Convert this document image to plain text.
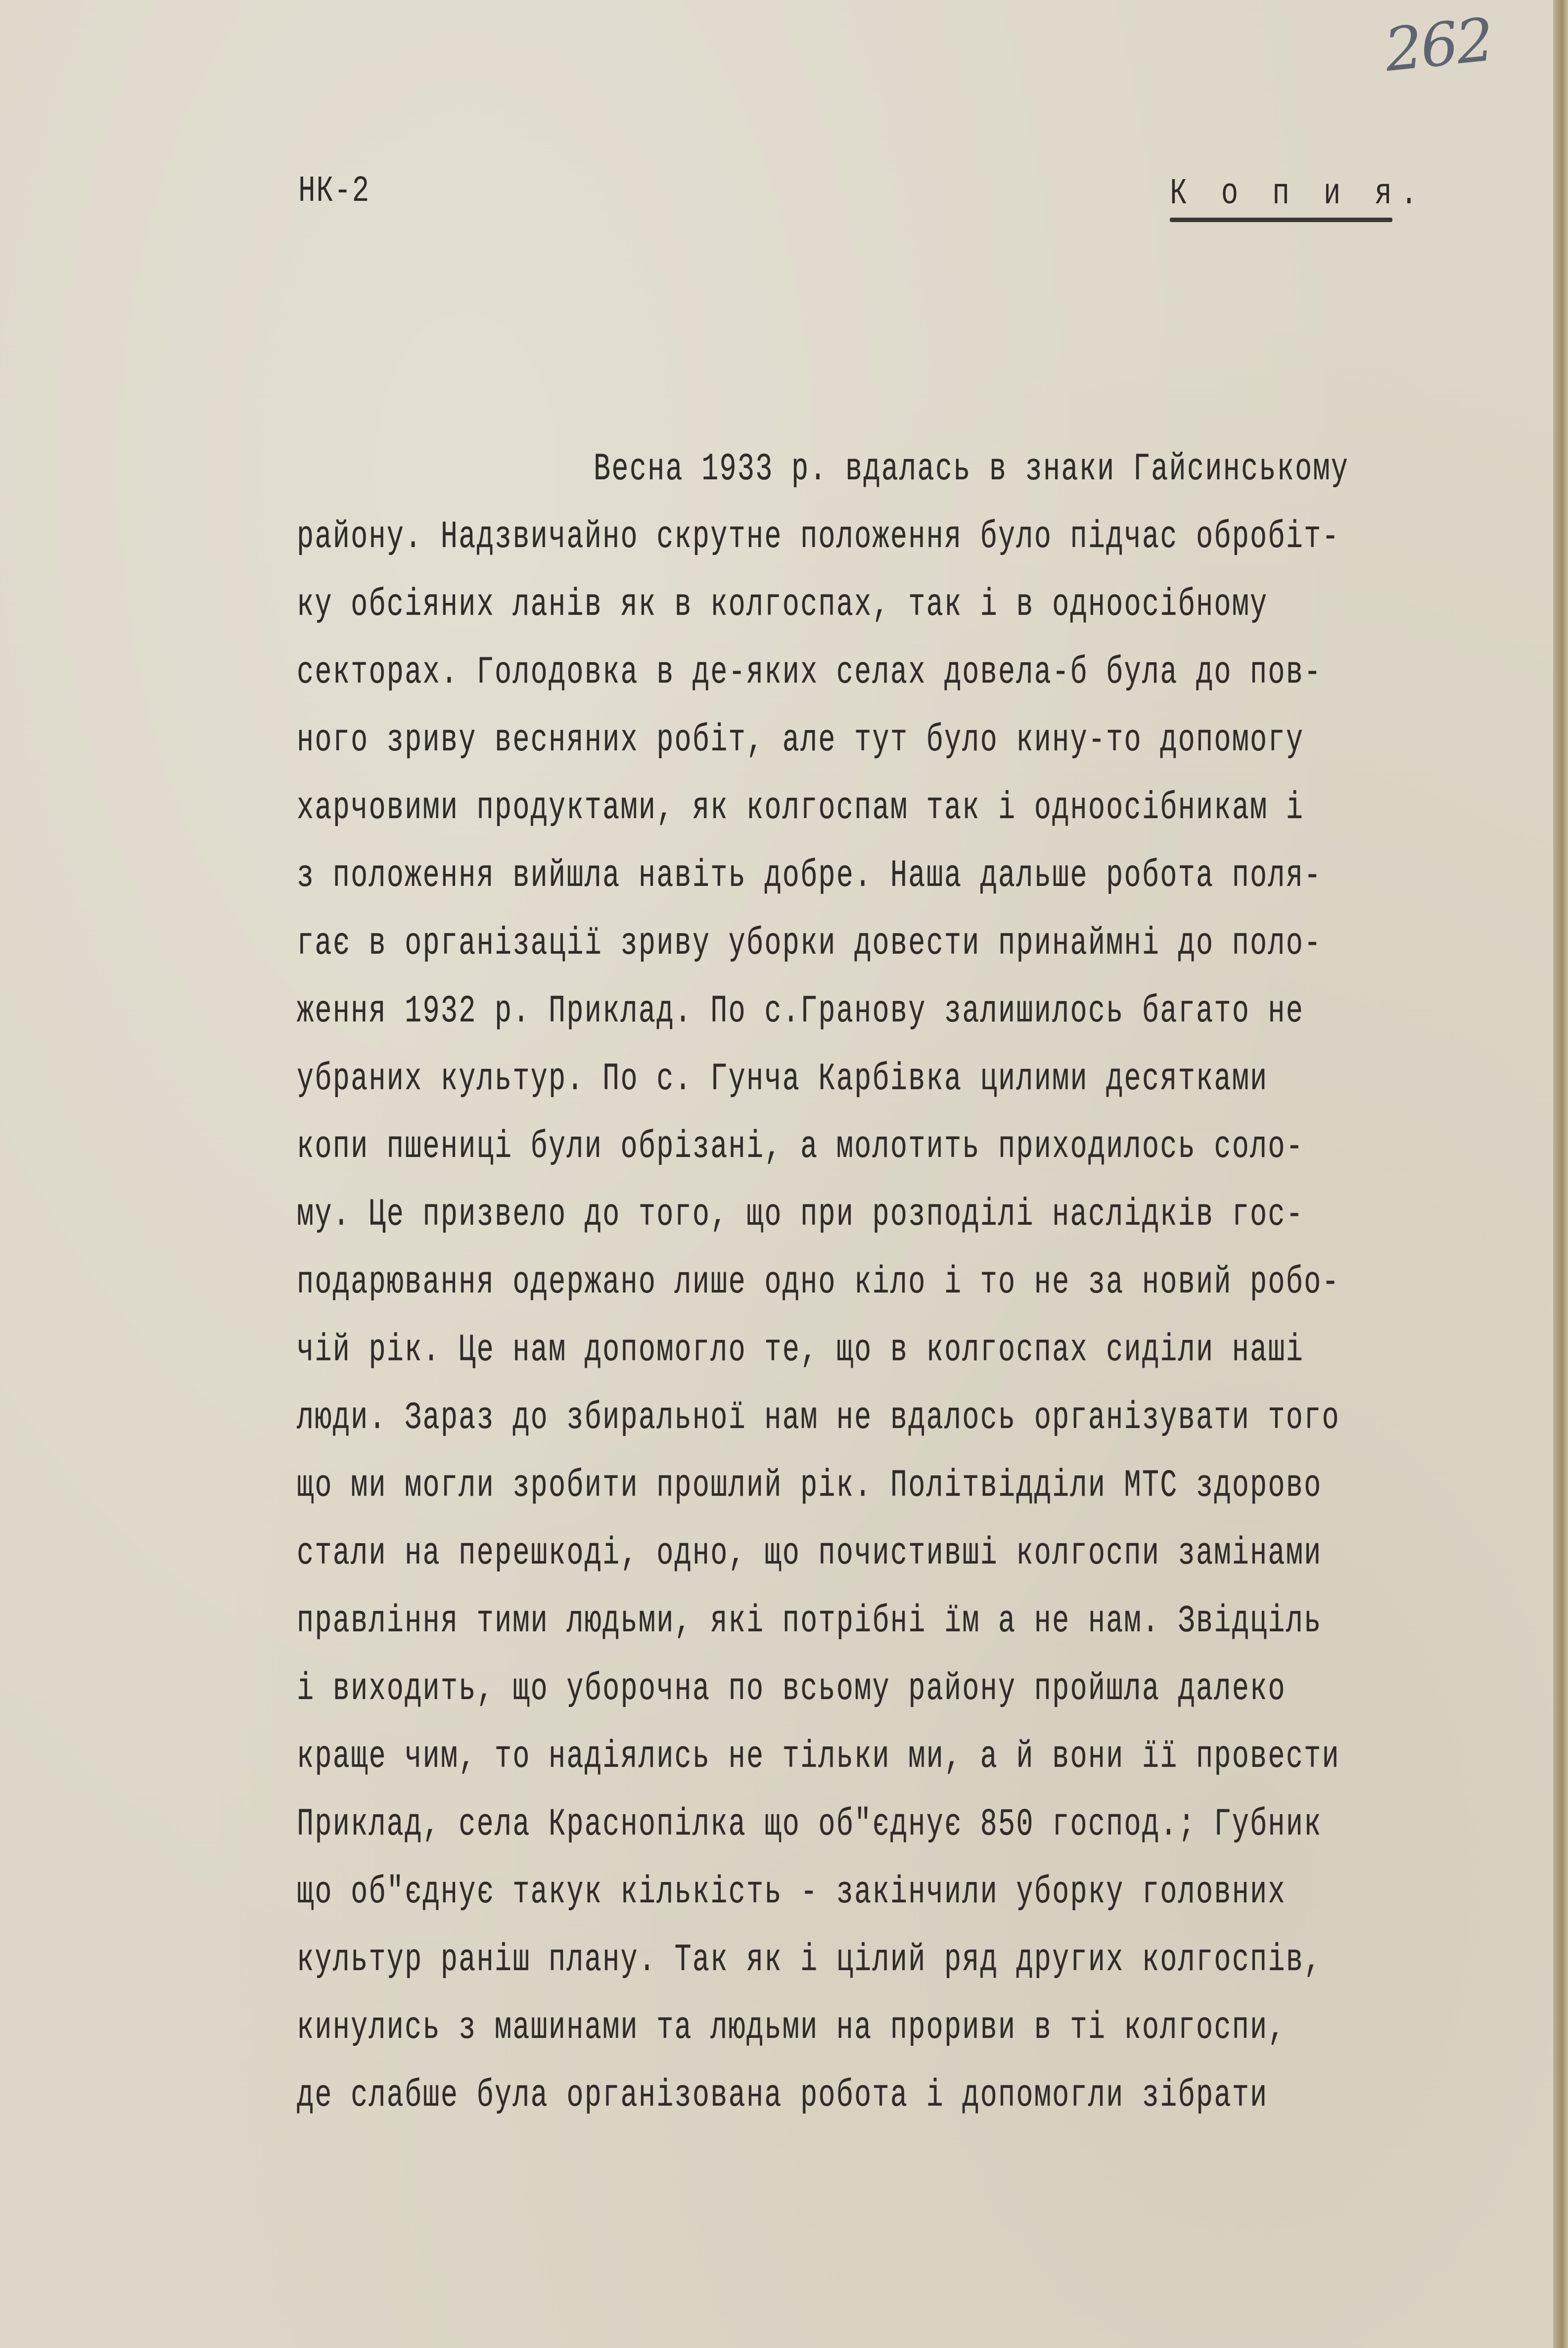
262
НК-2	К о п и я.
Весна 1933 р. вдалась в знаки Гайсинському
району. Надзвичайно скрутне положення було підчас обробіт-
ку обсіяних ланів як в колгоспах, так і в одноосібному
секторах. Голодовка в де-яких селах довела-б була до пов-
ного зриву весняних робіт, але тут було кину-то допомогу
харчовими продуктами, як колгоспам так і одноосібникам і
з положення вийшла навіть добре. Наша дальше робота поля-
гає в організації зриву уборки довести принаймні до поло-
ження 1932 р. Приклад. По с.Гранову залишилось багато не
убраних культур. По с. Гунча Карбівка цилими десятками
копи пшениці були обрізані, а молотить приходилось соло-
му. Це призвело до того, що при розподілі наслідків гос-
подарювання одержано лише одно кіло і то не за новий робо-
чій рік. Це нам допомогло те, що в колгоспах сиділи наші
люди. Зараз до збиральної нам не вдалось організувати того
що ми могли зробити прошлий рік. Політвідділи МТС здорово
стали на перешкоді, одно, що почистивші колгоспи замінами
правління тими людьми, які потрібні їм а не нам. Звідціль
і виходить, що уборочна по всьому району пройшла далеко
краще чим, то надіялись не тільки ми, а й вони її провести
Приклад, села Краснопілка що об"єднує 850 господ.; Губник
що об"єднує такук кількість - закінчили уборку головних
культур раніш плану. Так як і цілий ряд других колгоспів,
кинулись з машинами та людьми на прориви в ті колгоспи,
де слабше була організована робота і допомогли зібрати
